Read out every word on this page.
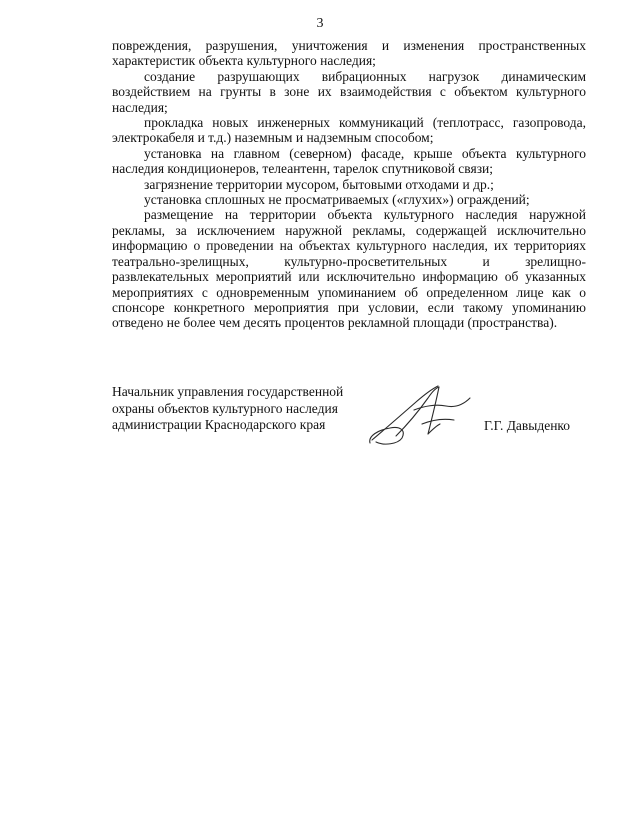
3

повреждения, разрушения, уничтожения и изменения пространственных характеристик объекта культурного наследия;

создание разрушающих вибрационных нагрузок динамическим воздействием на грунты в зоне их взаимодействия с объектом культурного наследия;

прокладка новых инженерных коммуникаций (теплотрасс, газопровода, электрокабеля и т.д.) наземным и надземным способом;

установка на главном (северном) фасаде, крыше объекта культурного наследия кондиционеров, телеантенн, тарелок спутниковой связи;

загрязнение территории мусором, бытовыми отходами и др.;

установка сплошных не просматриваемых («глухих») ограждений;

размещение на территории объекта культурного наследия наружной рекламы, за исключением наружной рекламы, содержащей исключительно информацию о проведении на объектах культурного наследия, их территориях театрально-зрелищных, культурно-просветительных и зрелищно-развлекательных мероприятий или исключительно информацию об указанных мероприятиях с одновременным упоминанием об определенном лице как о спонсоре конкретного мероприятия при условии, если такому упоминанию отведено не более чем десять процентов рекламной площади (пространства).

Начальник управления государственной
охраны объектов культурного наследия
администрации Краснодарского края	Г.Г. Давыденко
